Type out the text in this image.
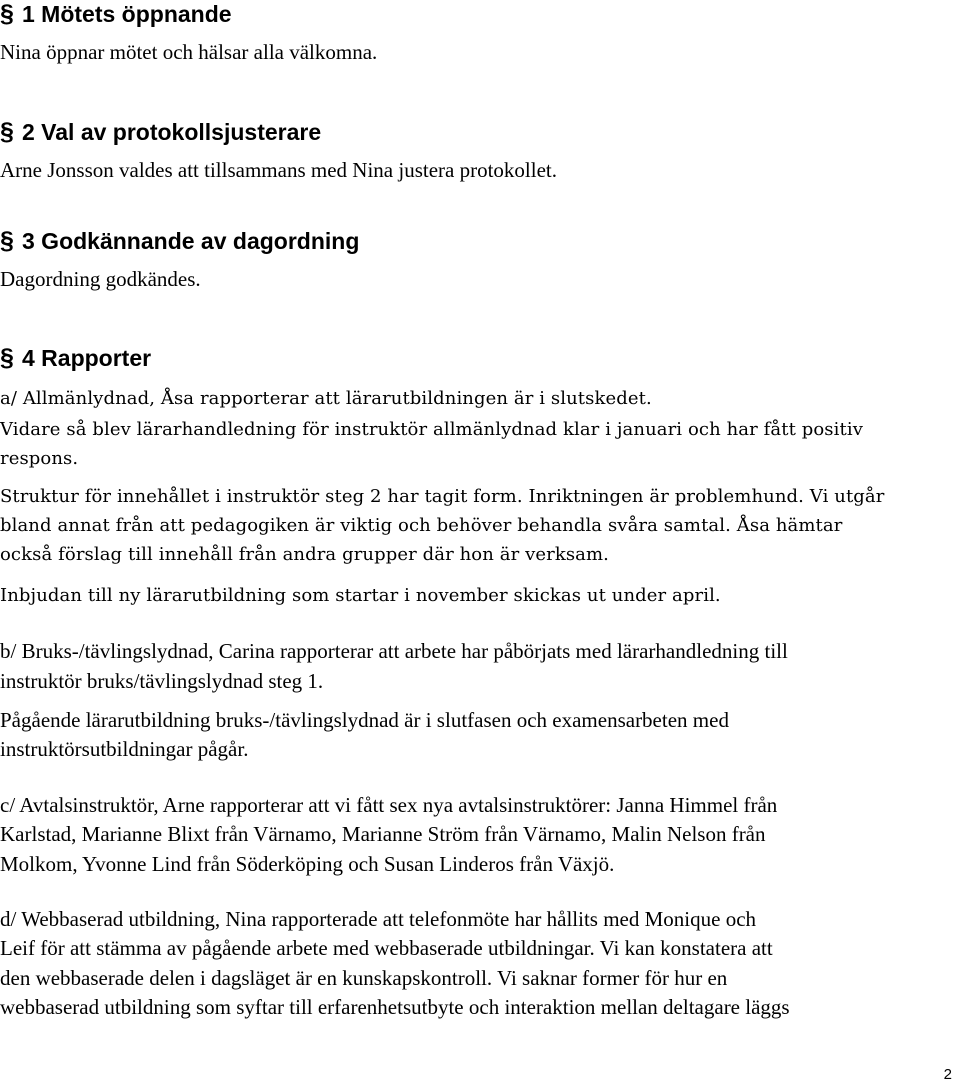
§ 1 Mötets öppnande
Nina öppnar mötet och hälsar alla välkomna.
§ 2 Val av protokollsjusterare
Arne Jonsson valdes att tillsammans med Nina justera protokollet.
§ 3 Godkännande av dagordning
Dagordning godkändes.
§ 4 Rapporter
a/ Allmänlydnad, Åsa rapporterar att lärarutbildningen är i slutskedet.
Vidare så blev lärarhandledning för instruktör allmänlydnad klar i januari och har fått positiv
respons.
Struktur för innehållet i instruktör steg 2 har tagit form. Inriktningen är problemhund. Vi utgår
bland annat från att pedagogiken är viktig och behöver behandla svåra samtal. Åsa hämtar
också förslag till innehåll från andra grupper där hon är verksam.
Inbjudan till ny lärarutbildning som startar i november skickas ut under april.
b/ Bruks-/tävlingslydnad, Carina rapporterar att arbete har påbörjats med lärarhandledning till
instruktör bruks/tävlingslydnad steg 1.
Pågående lärarutbildning bruks-/tävlingslydnad är i slutfasen och examensarbeten med
instruktörsutbildningar pågår.
c/ Avtalsinstruktör, Arne rapporterar att vi fått sex nya avtalsinstruktörer: Janna Himmel från
Karlstad, Marianne Blixt från Värnamo, Marianne Ström från Värnamo, Malin Nelson från
Molkom, Yvonne Lind från Söderköping och Susan Linderos från Växjö.
d/ Webbaserad utbildning, Nina rapporterade att telefonmöte har hållits med Monique och
Leif för att stämma av pågående arbete med webbaserade utbildningar. Vi kan konstatera att
den webbaserade delen i dagsläget är en kunskapskontroll. Vi saknar former för hur en
webbaserad utbildning som syftar till erfarenhetsutbyte och interaktion mellan deltagare läggs
2
